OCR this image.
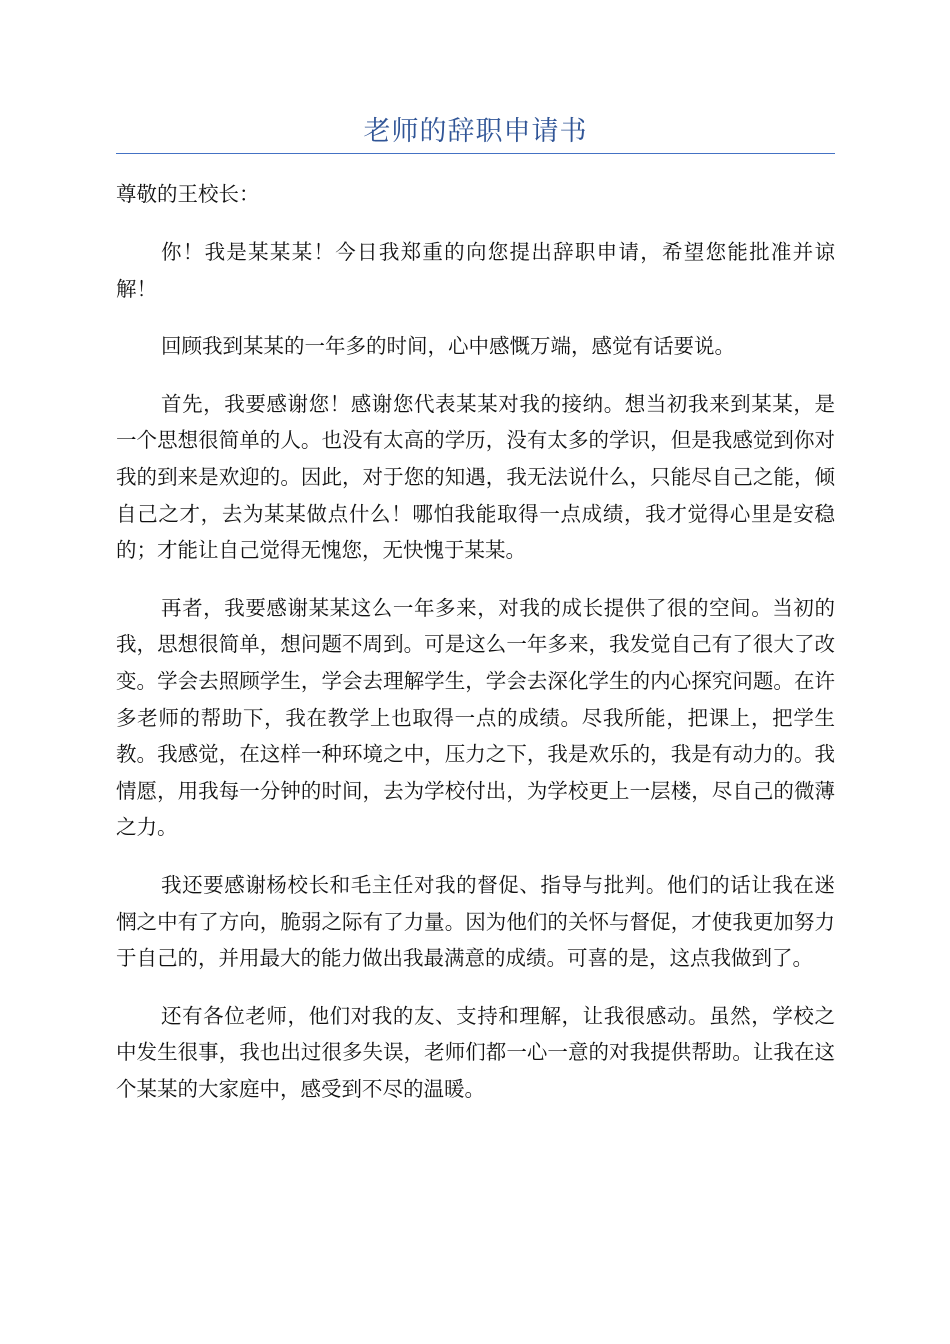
老师的辞职申请书

尊敬的王校长：

你！我是某某某！今日我郑重的向您提出辞职申请，希望您能批准并谅解！

回顾我到某某的一年多的时间，心中感慨万端，感觉有话要说。

首先，我要感谢您！感谢您代表某某对我的接纳。想当初我来到某某，是一个思想很简单的人。也没有太高的学历，没有太多的学识，但是我感觉到你对我的到来是欢迎的。因此，对于您的知遇，我无法说什么，只能尽自己之能，倾自己之才，去为某某做点什么！哪怕我能取得一点成绩，我才觉得心里是安稳的；才能让自己觉得无愧您，无快愧于某某。

再者，我要感谢某某这么一年多来，对我的成长提供了很的空间。当初的我，思想很简单，想问题不周到。可是这么一年多来，我发觉自己有了很大了改变。学会去照顾学生，学会去理解学生，学会去深化学生的内心探究问题。在许多老师的帮助下，我在教学上也取得一点的成绩。尽我所能，把课上，把学生教。我感觉，在这样一种环境之中，压力之下，我是欢乐的，我是有动力的。我情愿，用我每一分钟的时间，去为学校付出，为学校更上一层楼，尽自己的微薄之力。

我还要感谢杨校长和毛主任对我的督促、指导与批判。他们的话让我在迷惘之中有了方向，脆弱之际有了力量。因为他们的关怀与督促，才使我更加努力于自己的，并用最大的能力做出我最满意的成绩。可喜的是，这点我做到了。

还有各位老师，他们对我的友、支持和理解，让我很感动。虽然，学校之中发生很事，我也出过很多失误，老师们都一心一意的对我提供帮助。让我在这个某某的大家庭中，感受到不尽的温暖。
